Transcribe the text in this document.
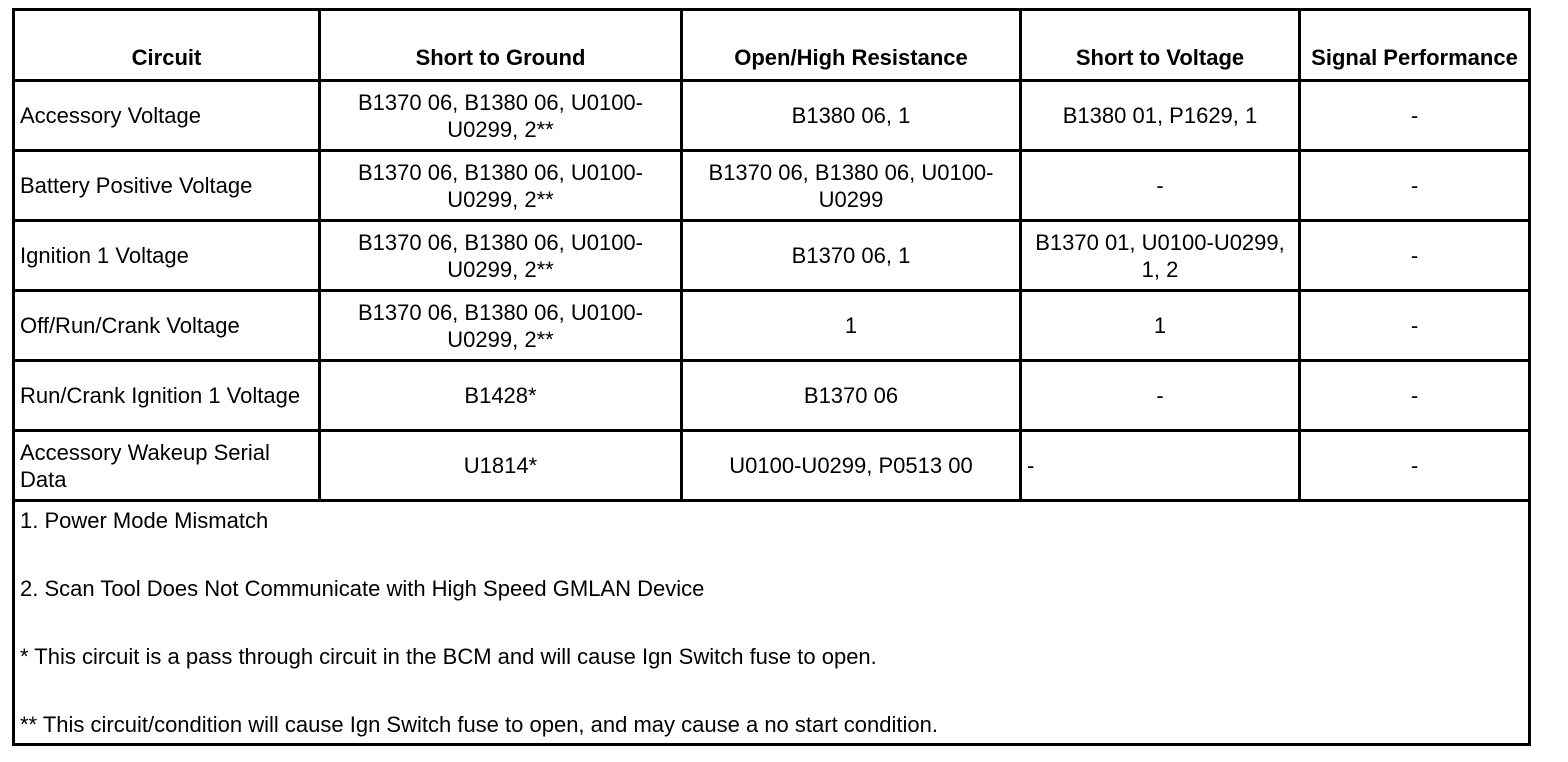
Circuit	Short to Ground	Open/High Resistance	Short to Voltage	Signal Performance
Accessory Voltage	B1370 06, B1380 06, U0100-U0299, 2**	B1380 06, 1	B1380 01, P1629, 1	-
Battery Positive Voltage	B1370 06, B1380 06, U0100-U0299, 2**	B1370 06, B1380 06, U0100-U0299	-	-
Ignition 1 Voltage	B1370 06, B1380 06, U0100-U0299, 2**	B1370 06, 1	B1370 01, U0100-U0299, 1, 2	-
Off/Run/Crank Voltage	B1370 06, B1380 06, U0100-U0299, 2**	1	1	-
Run/Crank Ignition 1 Voltage	B1428*	B1370 06	-	-
Accessory Wakeup Serial Data	U1814*	U0100-U0299, P0513 00	-	-

1. Power Mode Mismatch
2. Scan Tool Does Not Communicate with High Speed GMLAN Device
* This circuit is a pass through circuit in the BCM and will cause Ign Switch fuse to open.
** This circuit/condition will cause Ign Switch fuse to open, and may cause a no start condition.				
